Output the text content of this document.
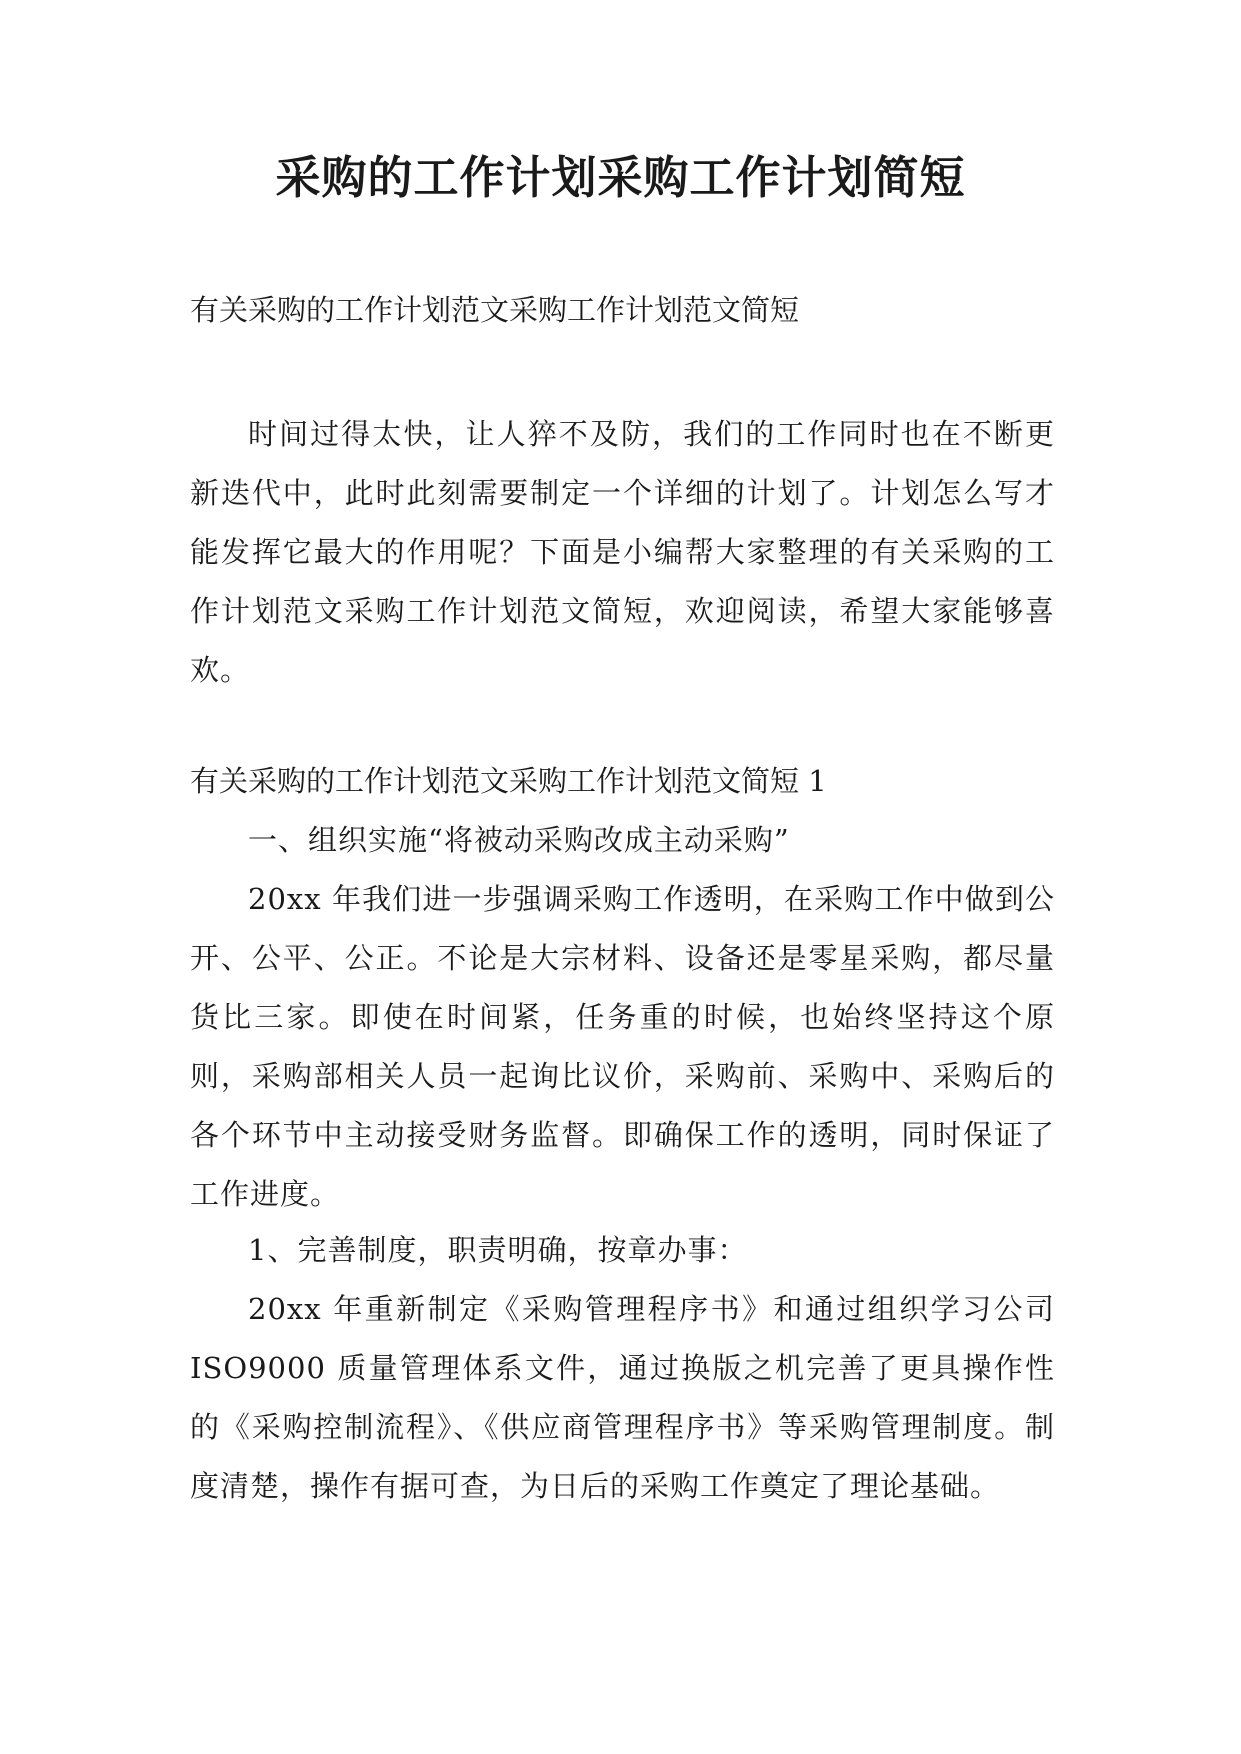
采购的工作计划采购工作计划简短
有关采购的工作计划范文采购工作计划范文简短
时间过得太快，让人猝不及防，我们的工作同时也在不断更新迭代中，此时此刻需要制定一个详细的计划了。计划怎么写才能发挥它最大的作用呢？下面是小编帮大家整理的有关采购的工作计划范文采购工作计划范文简短，欢迎阅读，希望大家能够喜欢。
有关采购的工作计划范文采购工作计划范文简短 1
一、组织实施“将被动采购改成主动采购”
20xx 年我们进一步强调采购工作透明，在采购工作中做到公开、公平、公正。不论是大宗材料、设备还是零星采购，都尽量货比三家。即使在时间紧，任务重的时候，也始终坚持这个原则，采购部相关人员一起询比议价，采购前、采购中、采购后的各个环节中主动接受财务监督。即确保工作的透明，同时保证了工作进度。
1、完善制度，职责明确，按章办事：
20xx 年重新制定《采购管理程序书》和通过组织学习公司 ISO9000 质量管理体系文件，通过换版之机完善了更具操作性的《采购控制流程》、《供应商管理程序书》等采购管理制度。制度清楚，操作有据可查，为日后的采购工作奠定了理论基础。
